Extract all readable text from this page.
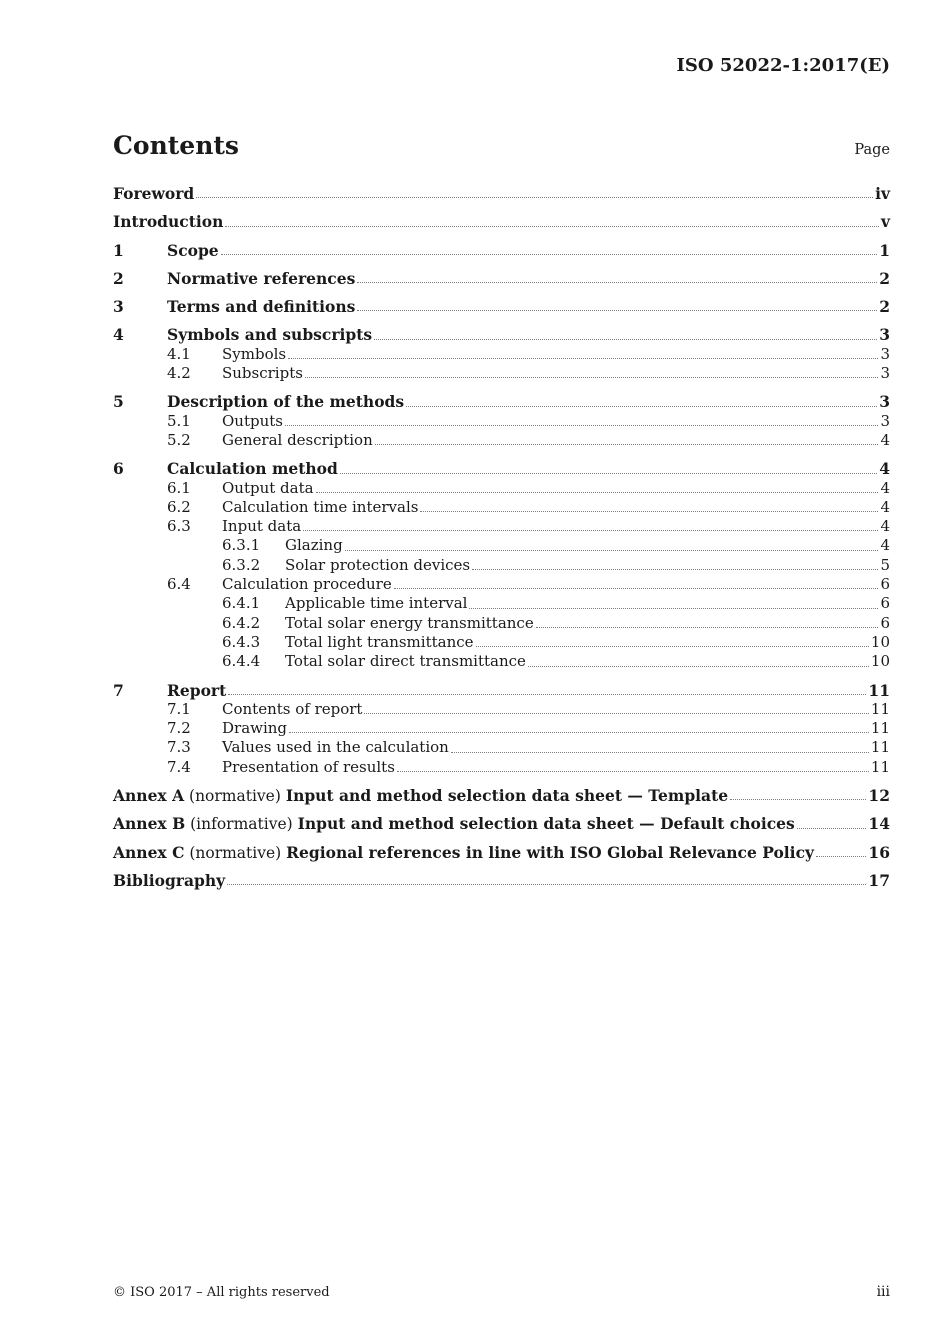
ISO 52022-1:2017(E)
Contents	Page
Foreword	iv
Introduction	v
1	Scope	1
2	Normative references	2
3	Terms and definitions	2
4	Symbols and subscripts	3
4.1	Symbols	3
4.2	Subscripts	3
5	Description of the methods	3
5.1	Outputs	3
5.2	General description	4
6	Calculation method	4
6.1	Output data	4
6.2	Calculation time intervals	4
6.3	Input data	4
6.3.1	Glazing	4
6.3.2	Solar protection devices	5
6.4	Calculation procedure	6
6.4.1	Applicable time interval	6
6.4.2	Total solar energy transmittance	6
6.4.3	Total light transmittance	10
6.4.4	Total solar direct transmittance	10
7	Report	11
7.1	Contents of report	11
7.2	Drawing	11
7.3	Values used in the calculation	11
7.4	Presentation of results	11
Annex A (normative) Input and method selection data sheet — Template	12
Annex B (informative) Input and method selection data sheet — Default choices	14
Annex C (normative) Regional references in line with ISO Global Relevance Policy	16
Bibliography	17
© ISO 2017 – All rights reserved	iii
